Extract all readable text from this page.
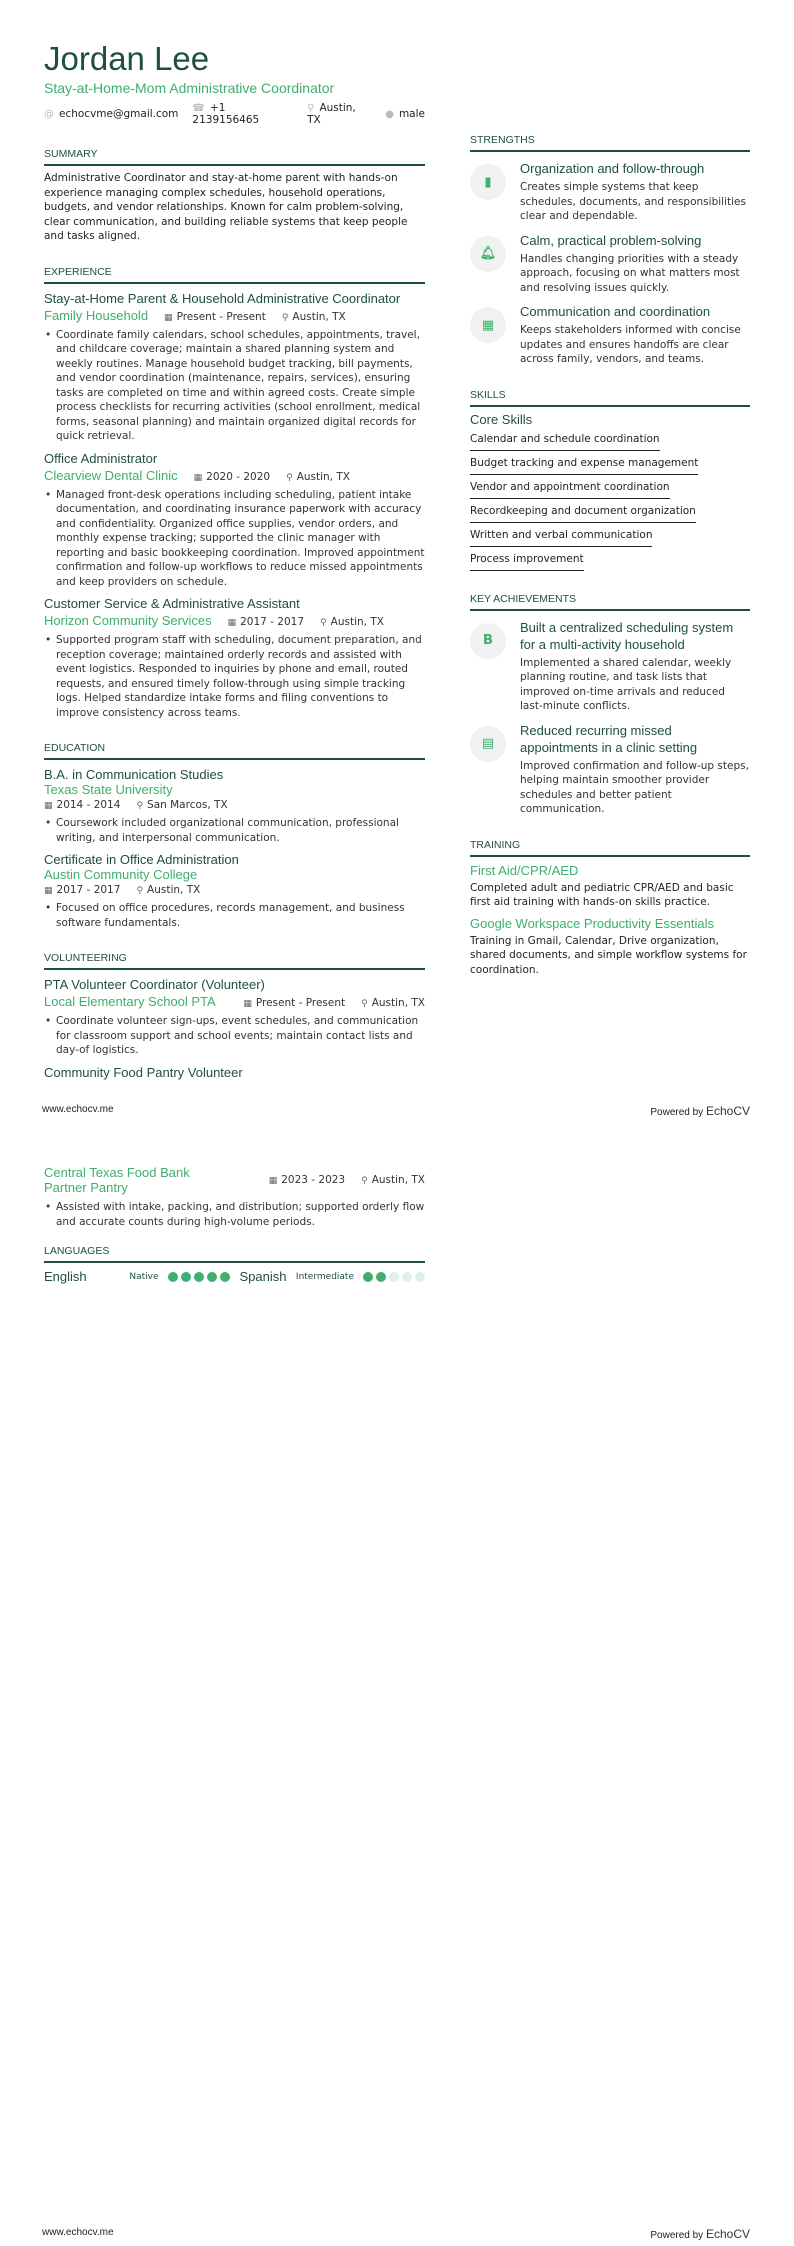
Jordan Lee
Stay-at-Home-Mom Administrative Coordinator
@ echocvme@gmail.com ☎ +1 2139156465
⚲ Austin, TX	● male
SUMMARY
Administrative Coordinator and stay-at-home parent with hands-on experience managing complex schedules, household operations, budgets, and vendor relationships. Known for calm problem-solving, clear communication, and building reliable systems that keep people and tasks aligned.
EXPERIENCE
Stay-at-Home Parent & Household Administrative Coordinator
Family Household ▦ Present - Present ⚲ Austin, TX
• Coordinate family calendars, school schedules, appointments, travel, and childcare coverage; maintain a shared planning system and weekly routines. Manage household budget tracking, bill payments, and vendor coordination (maintenance, repairs, services), ensuring tasks are completed on time and within agreed costs. Create simple process checklists for recurring activities (school enrollment, medical forms, seasonal planning) and maintain organized digital records for quick retrieval.
Office Administrator
Clearview Dental Clinic ▦ 2020 - 2020 ⚲ Austin, TX
• Managed front-desk operations including scheduling, patient intake documentation, and coordinating insurance paperwork with accuracy and confidentiality. Organized office supplies, vendor orders, and monthly expense tracking; supported the clinic manager with reporting and basic bookkeeping coordination. Improved appointment confirmation and follow-up workflows to reduce missed appointments and keep providers on schedule.
Customer Service & Administrative Assistant
Horizon Community Services ▦ 2017 - 2017 ⚲ Austin, TX
• Supported program staff with scheduling, document preparation, and reception coverage; maintained orderly records and assisted with event logistics. Responded to inquiries by phone and email, routed requests, and ensured timely follow-through using simple tracking logs. Helped standardize intake forms and filing conventions to improve consistency across teams.
EDUCATION
B.A. in Communication Studies
Texas State University
▦ 2014 - 2014 ⚲ San Marcos, TX
• Coursework included organizational communication, professional writing, and interpersonal communication.
Certificate in Office Administration
Austin Community College
▦ 2017 - 2017 ⚲ Austin, TX
• Focused on office procedures, records management, and business software fundamentals.
VOLUNTEERING
PTA Volunteer Coordinator (Volunteer)
Local Elementary School PTA	▦ Present - Present ⚲ Austin, TX
• Coordinate volunteer sign-ups, event schedules, and communication for classroom support and school events; maintain contact lists and day-of logistics.
Community Food Pantry Volunteer
STRENGTHS
▮
Organization and follow-through
Creates simple systems that keep schedules, documents, and responsibilities clear and dependable.
🔔︎
Calm, practical problem-solving
Handles changing priorities with a steady approach, focusing on what matters most and resolving issues quickly.
▦
Communication and coordination
Keeps stakeholders informed with concise updates and ensures handoffs are clear across family, vendors, and teams.
SKILLS
Core Skills
Calendar and schedule coordination
Budget tracking and expense management
Vendor and appointment coordination
Recordkeeping and document organization
Written and verbal communication
Process improvement
KEY ACHIEVEMENTS
B
Built a centralized scheduling system for a multi-activity household
Implemented a shared calendar, weekly planning routine, and task lists that improved on-time arrivals and reduced last-minute conflicts.
▤
Reduced recurring missed appointments in a clinic setting
Improved confirmation and follow-up steps, helping maintain smoother provider schedules and better patient communication.
TRAINING
First Aid/CPR/AED
Completed adult and pediatric CPR/AED and basic first aid training with hands-on skills practice.
Google Workspace Productivity Essentials
Training in Gmail, Calendar, Drive organization, shared documents, and simple workflow systems for coordination.
www.echocv.me	Powered by EchoCV
Central Texas Food Bank Partner Pantry	▦ 2023 - 2023 ⚲ Austin, TX
• Assisted with intake, packing, and distribution; supported orderly flow and accurate counts during high-volume periods.
LANGUAGES
English	Native	Spanish Intermediate
www.echocv.me	Powered by EchoCV
